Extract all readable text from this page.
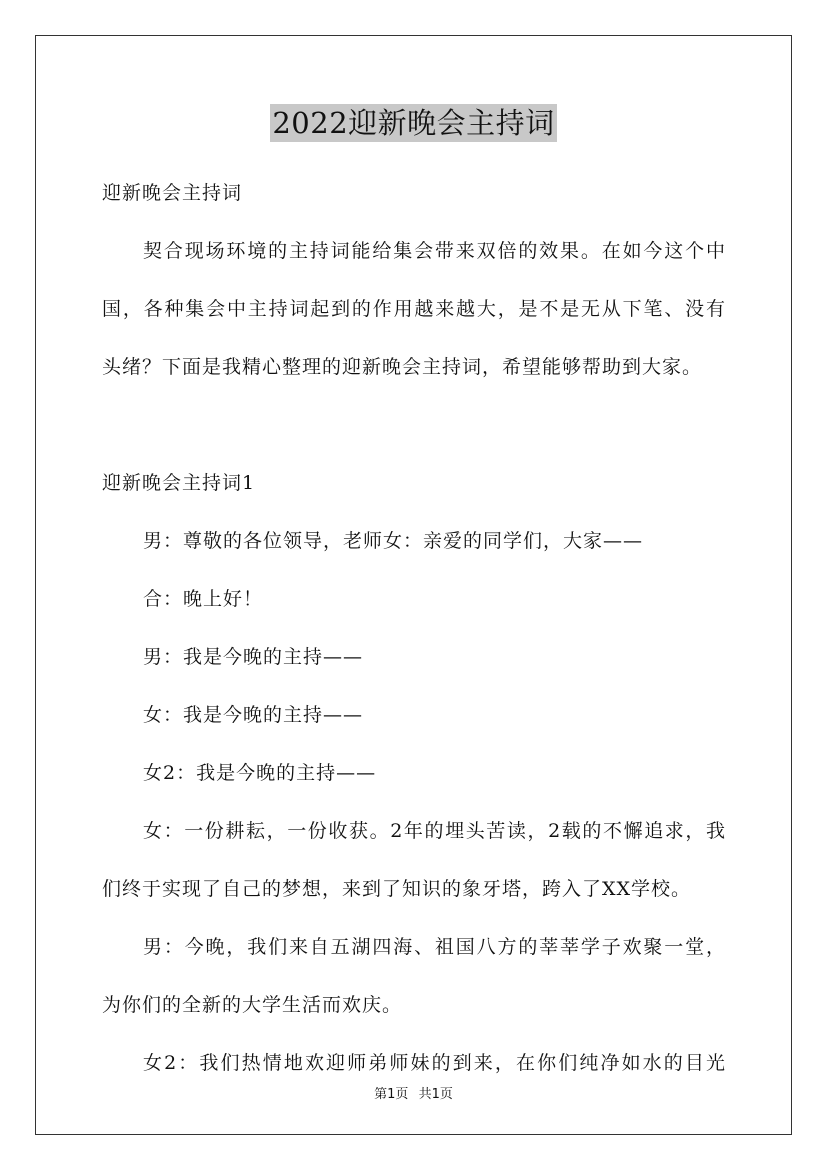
2022迎新晚会主持词
迎新晚会主持词
契合现场环境的主持词能给集会带来双倍的效果。在如今这个中
国，各种集会中主持词起到的作用越来越大，是不是无从下笔、没有
头绪？下面是我精心整理的迎新晚会主持词，希望能够帮助到大家。
迎新晚会主持词1
男：尊敬的各位领导，老师女：亲爱的同学们，大家——
合：晚上好！
男：我是今晚的主持——
女：我是今晚的主持——
女2：我是今晚的主持——
女：一份耕耘，一份收获。2年的埋头苦读，2载的不懈追求，我
们终于实现了自己的梦想，来到了知识的象牙塔，跨入了XX学校。
男：今晚，我们来自五湖四海、祖国八方的莘莘学子欢聚一堂，
为你们的全新的大学生活而欢庆。
女2：我们热情地欢迎师弟师妹的到来，在你们纯净如水的目光
第1页 共1页
